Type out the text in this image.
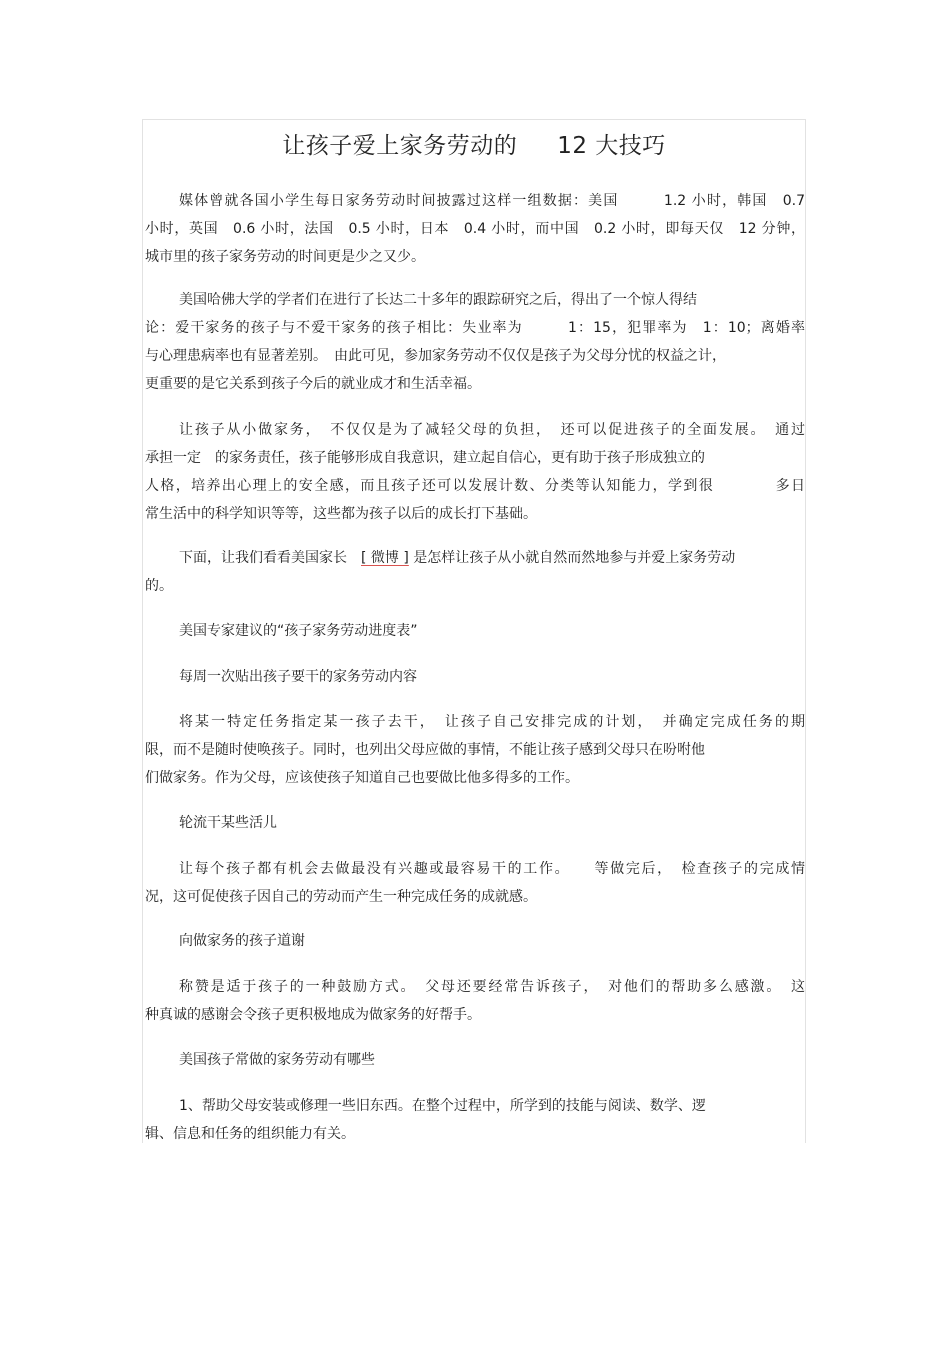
让孩子爱上家务劳动的 12 大技巧

媒体曾就各国小学生每日家务劳动时间披露过这样一组数据：美国　　　1.2 小时，韩国　0.7
小时，英国　0.6 小时，法国　0.5 小时，日本　0.4 小时，而中国　0.2 小时，即每天仅　12 分钟，
城市里的孩子家务劳动的时间更是少之又少。

美国哈佛大学的学者们在进行了长达二十多年的跟踪研究之后，得出了一个惊人得结
论：爱干家务的孩子与不爱干家务的孩子相比：失业率为　　　1：15，犯罪率为　1：10；离婚率
与心理患病率也有显著差别。　由此可见，参加家务劳动不仅仅是孩子为父母分忧的权益之计，
更重要的是它关系到孩子今后的就业成才和生活幸福。

让孩子从小做家务，　不仅仅是为了减轻父母的负担，　还可以促进孩子的全面发展。　通过
承担一定　的家务责任，孩子能够形成自我意识，建立起自信心，更有助于孩子形成独立的
人格，培养出心理上的安全感，而且孩子还可以发展计数、分类等认知能力，学到很　　　　多日
常生活中的科学知识等等，这些都为孩子以后的成长打下基础。

下面，让我们看看美国家长　[ 微博 ] 是怎样让孩子从小就自然而然地参与并爱上家务劳动
的。

美国专家建议的“孩子家务劳动进度表”

每周一次贴出孩子要干的家务劳动内容

将某一特定任务指定某一孩子去干，　让孩子自己安排完成的计划，　并确定完成任务的期
限，而不是随时使唤孩子。同时，也列出父母应做的事情，不能让孩子感到父母只在吩咐他
们做家务。作为父母，应该使孩子知道自己也要做比他多得多的工作。

轮流干某些活儿

让每个孩子都有机会去做最没有兴趣或最容易干的工作。　　等做完后，　检查孩子的完成情
况，这可促使孩子因自己的劳动而产生一种完成任务的成就感。

向做家务的孩子道谢

称赞是适于孩子的一种鼓励方式。　父母还要经常告诉孩子，　对他们的帮助多么感激。　这
种真诚的感谢会令孩子更积极地成为做家务的好帮手。

美国孩子常做的家务劳动有哪些

1、帮助父母安装或修理一些旧东西。在整个过程中，所学到的技能与阅读、数学、逻
辑、信息和任务的组织能力有关。
